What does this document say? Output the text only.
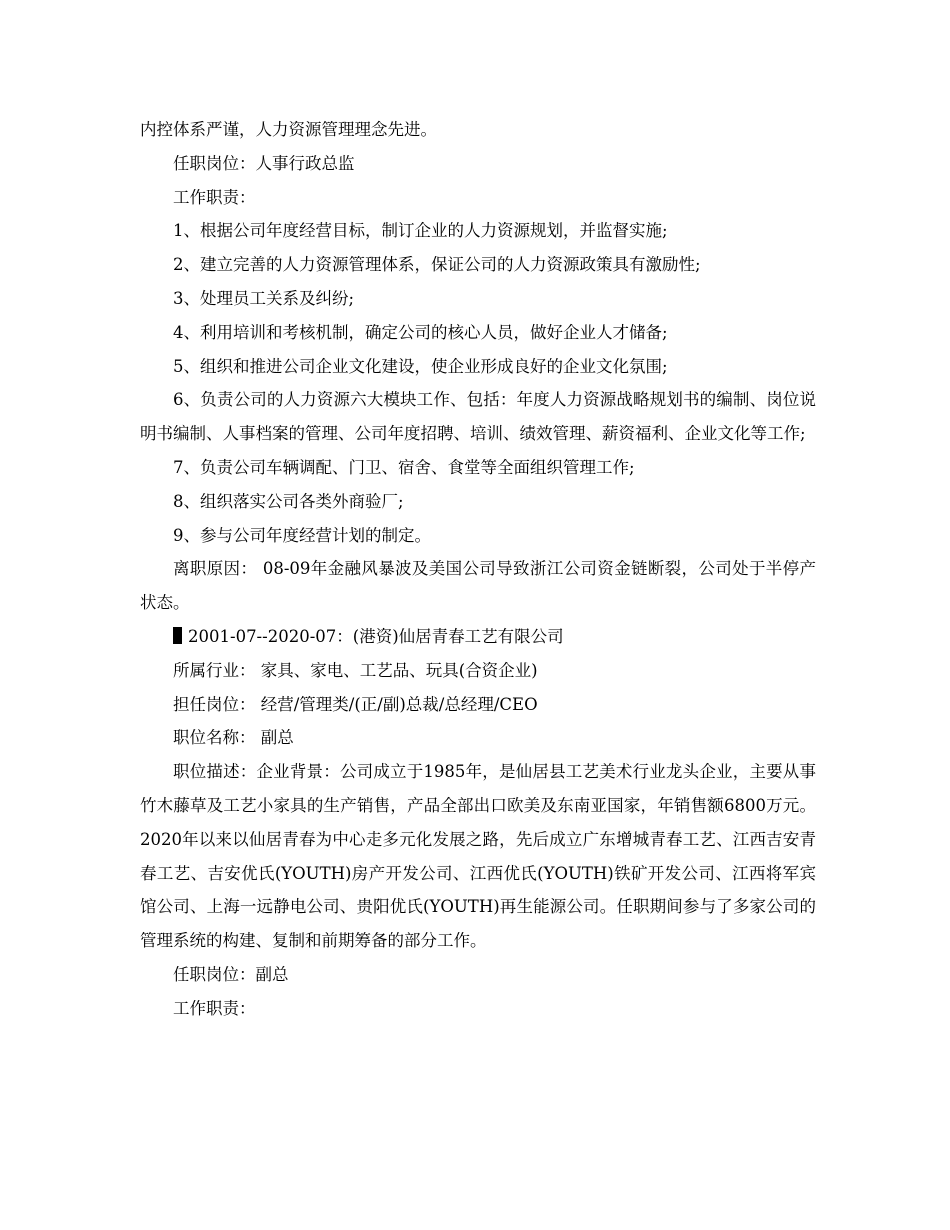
内控体系严谨，人力资源管理理念先进。

任职岗位：人事行政总监

工作职责：

1、根据公司年度经营目标，制订企业的人力资源规划，并监督实施;

2、建立完善的人力资源管理体系，保证公司的人力资源政策具有激励性;

3、处理员工关系及纠纷;

4、利用培训和考核机制，确定公司的核心人员，做好企业人才储备;

5、组织和推进公司企业文化建设，使企业形成良好的企业文化氛围;

6、负责公司的人力资源六大模块工作、包括：年度人力资源战略规划书的编制、岗位说明书编制、人事档案的管理、公司年度招聘、培训、绩效管理、薪资福利、企业文化等工作;

7、负责公司车辆调配、门卫、宿舍、食堂等全面组织管理工作;

8、组织落实公司各类外商验厂;

9、参与公司年度经营计划的制定。

离职原因： 08-09年金融风暴波及美国公司导致浙江公司资金链断裂，公司处于半停产状态。

2001-07--2020-07：(港资)仙居青春工艺有限公司

所属行业： 家具、家电、工艺品、玩具(合资企业)

担任岗位： 经营/管理类/(正/副)总裁/总经理/CEO

职位名称： 副总

职位描述：企业背景：公司成立于1985年，是仙居县工艺美术行业龙头企业，主要从事竹木藤草及工艺小家具的生产销售，产品全部出口欧美及东南亚国家，年销售额6800万元。2020年以来以仙居青春为中心走多元化发展之路，先后成立广东增城青春工艺、江西吉安青春工艺、吉安优氏(YOUTH)房产开发公司、江西优氏(YOUTH)铁矿开发公司、江西将军宾馆公司、上海一远静电公司、贵阳优氏(YOUTH)再生能源公司。任职期间参与了多家公司的管理系统的构建、复制和前期筹备的部分工作。

任职岗位：副总

工作职责：
